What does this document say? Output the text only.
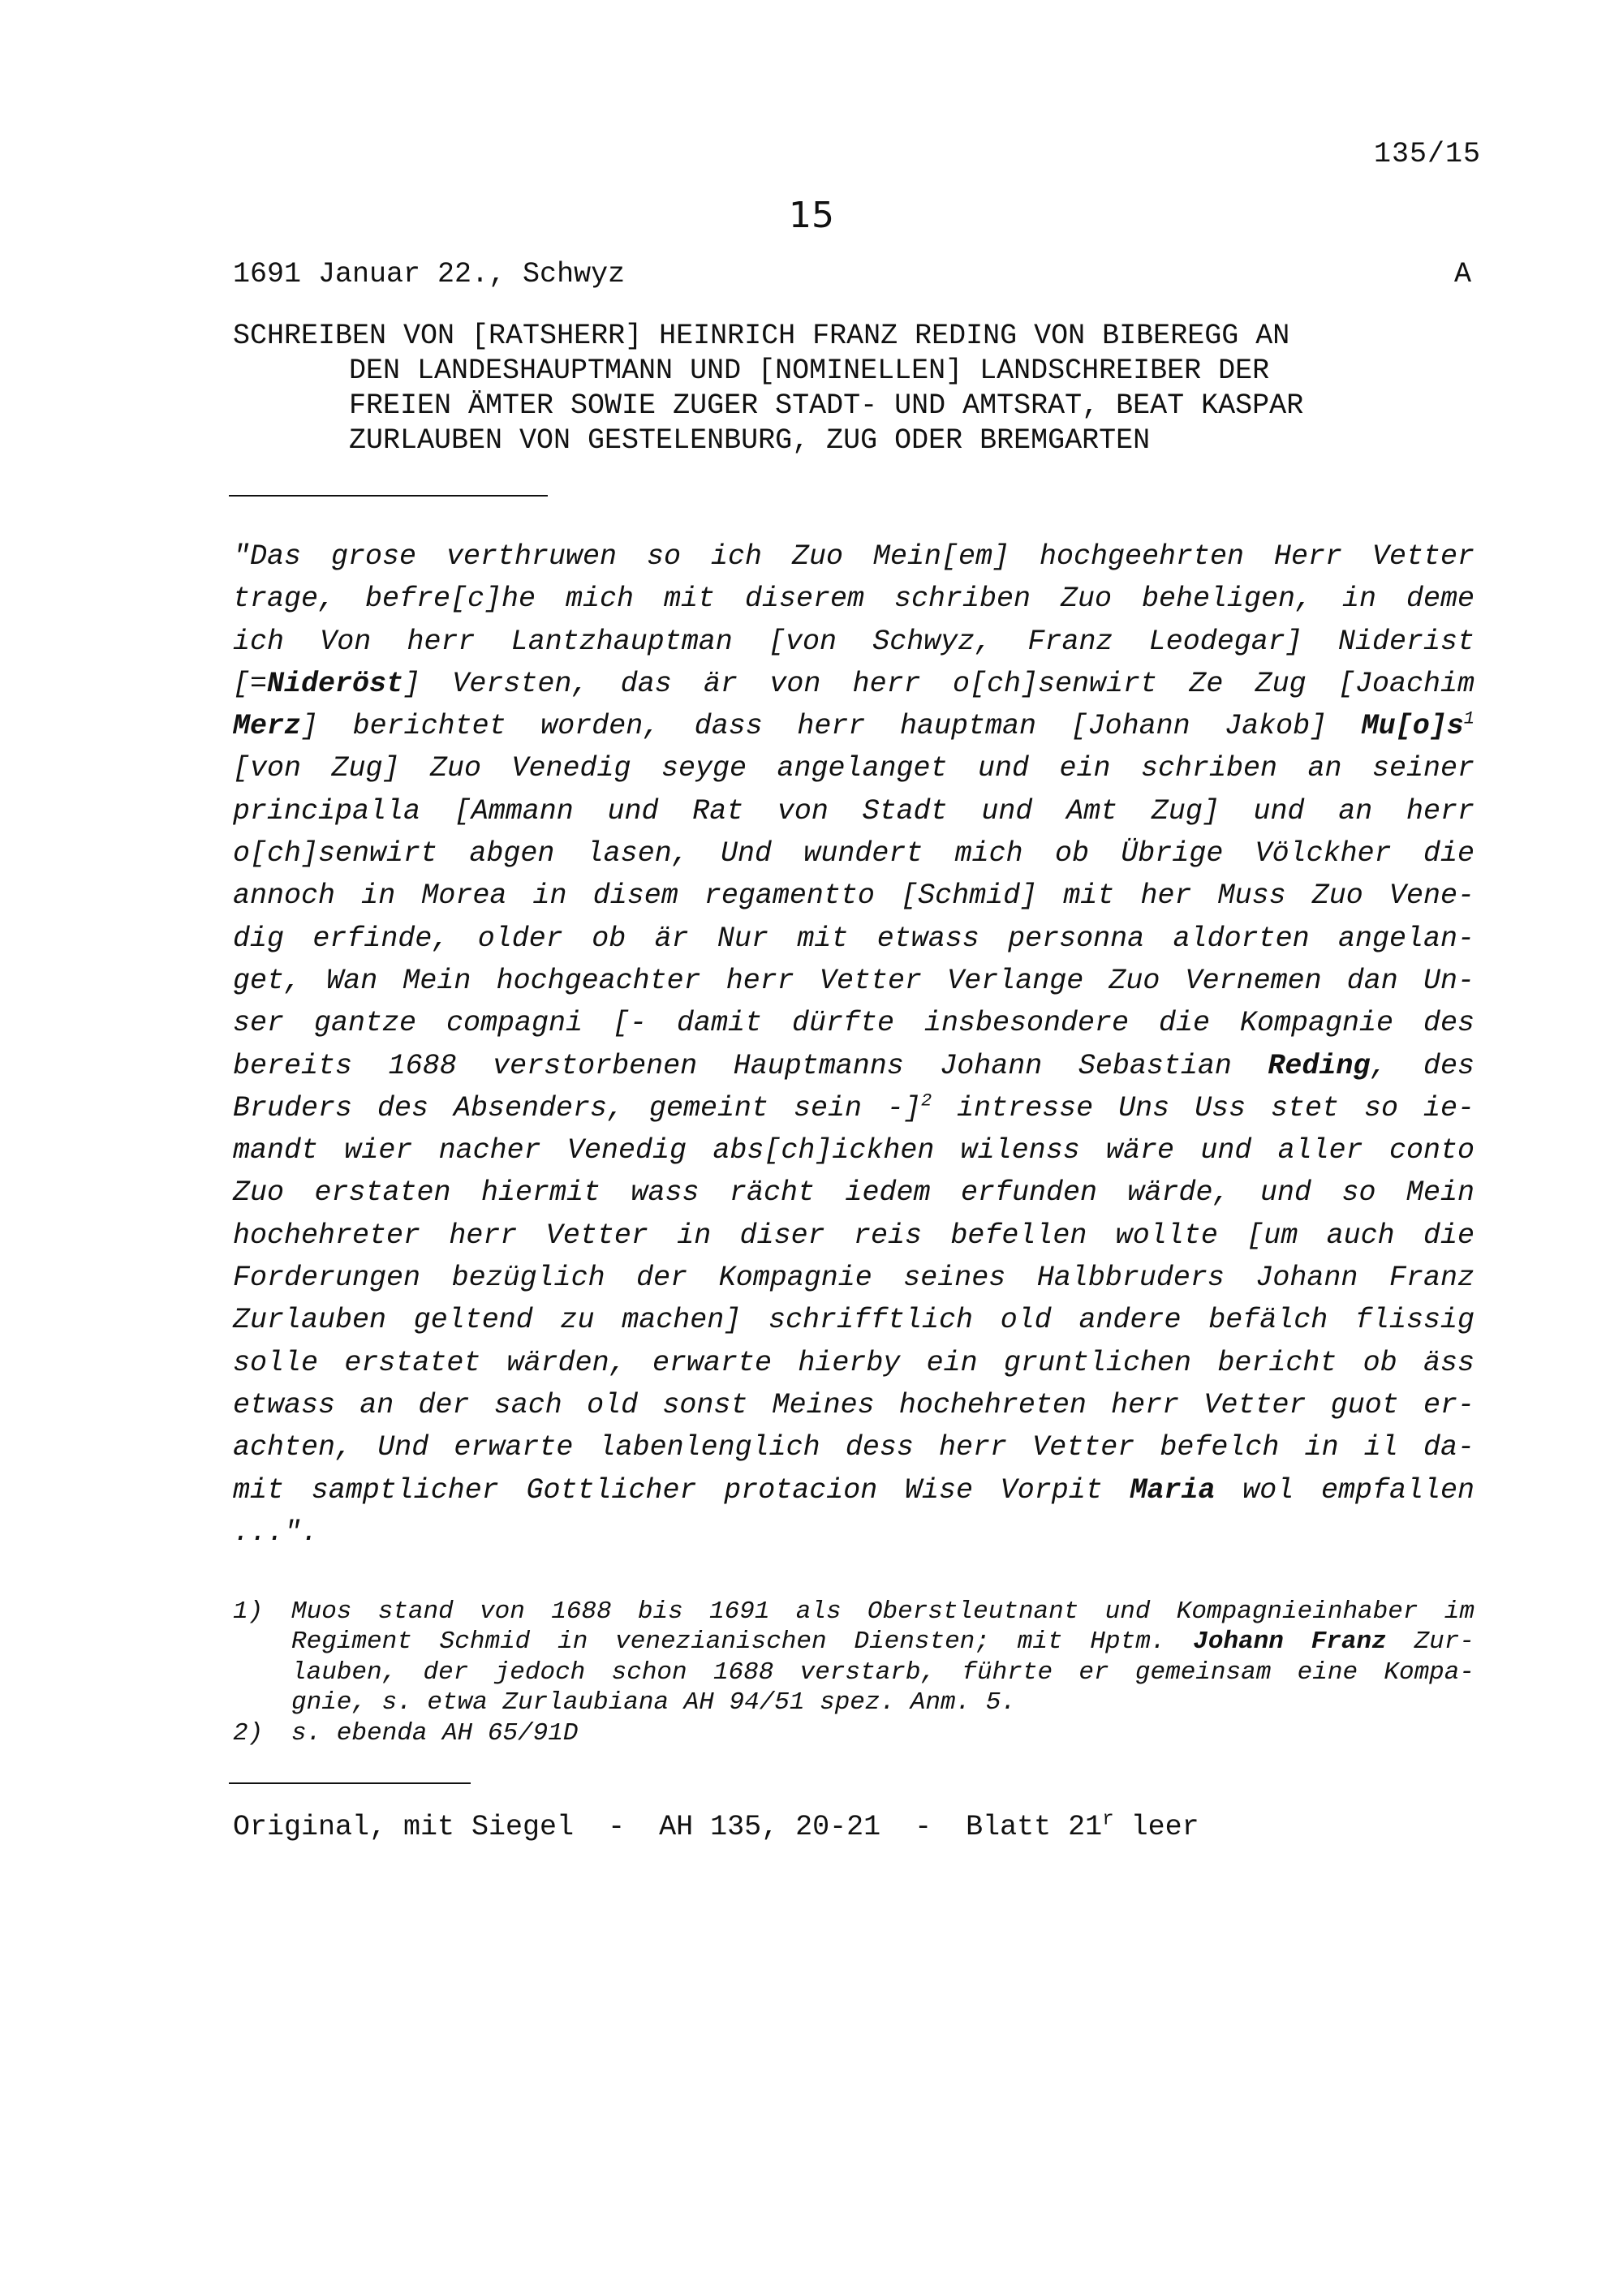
135/15
15
1691 Januar 22., Schwyz	A
SCHREIBEN VON [RATSHERR] HEINRICH FRANZ REDING VON BIBEREGG AN
DEN LANDESHAUPTMANN UND [NOMINELLEN] LANDSCHREIBER DER
FREIEN ÄMTER SOWIE ZUGER STADT- UND AMTSRAT, BEAT KASPAR
ZURLAUBEN VON GESTELENBURG, ZUG ODER BREMGARTEN
"Das grose verthruwen so ich Zuo Mein[em] hochgeehrten Herr Vetter
trage, befre[c]he mich mit diserem schriben Zuo beheligen, in deme
ich Von herr Lantzhauptman [von Schwyz, Franz Leodegar] Niderist
[=Nideröst] Versten, das är von herr o[ch]senwirt Ze Zug [Joachim
Merz] berichtet worden, dass herr hauptman [Johann Jakob] $Mu[o]s^1$
[von Zug] Zuo Venedig seyge angelanget und ein schriben an seiner
principalla [Ammann und Rat von Stadt und Amt Zug] und an herr
o[ch]senwirt abgen lasen, Und wundert mich ob Übrige Völckher die
annoch in Morea in disem regamentto [Schmid] mit her Muss Zuo Vene-
dig erfinde, older ob är Nur mit etwass personna aldorten angelan-
get, Wan Mein hochgeachter herr Vetter Verlange Zuo Vernemen dan Un-
ser gantze compagni [- damit dürfte insbesondere die Kompagnie des
bereits 1688 verstorbenen Hauptmanns Johann Sebastian Reding, des
Bruders des Absenders, gemeint sein -]$^2$ intresse Uns Uss stet so ie-
mandt wier nacher Venedig abs[ch]ickhen wilenss wäre und aller conto
Zuo erstaten hiermit wass rächt iedem erfunden wärde, und so Mein
hochehreter herr Vetter in diser reis befellen wollte [um auch die
Forderungen bezüglich der Kompagnie seines Halbbruders Johann Franz
Zurlauben geltend zu machen] schrifftlich old andere befälch flissig
solle erstatet wärden, erwarte hierby ein gruntlichen bericht ob äss
etwass an der sach old sonst Meines hochehreten herr Vetter guot er-
achten, Und erwarte labenlenglich dess herr Vetter befelch in il da-
mit samptlicher Gottlicher protacion Wise Vorpit Maria wol empfallen
...".
1) Muos stand von 1688 bis 1691 als Oberstleutnant und Kompagnieinhaber im
Regiment Schmid in venezianischen Diensten; mit Hptm. Johann Franz Zur-
lauben, der jedoch schon 1688 verstarb, führte er gemeinsam eine Kompa-
gnie, s. etwa Zurlaubiana AH 94/51 spez. Anm. 5.
2) s. ebenda AH 65/91D
Original, mit Siegel  -  AH 135, 20-21  -  Blatt 21$^r$ leer
